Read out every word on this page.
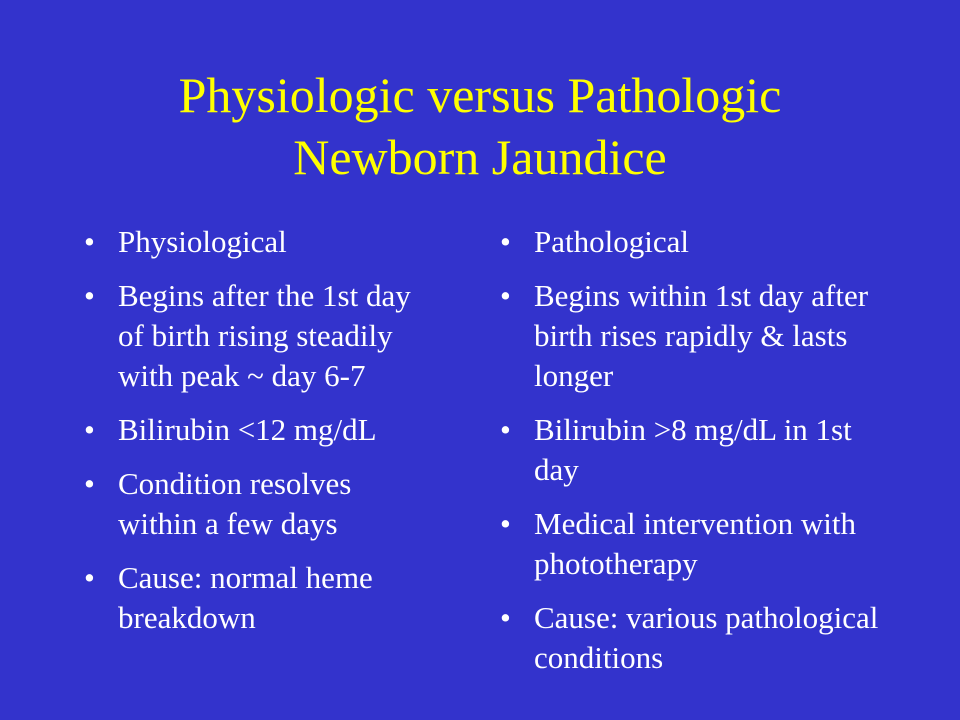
Physiologic versus Pathologic
Newborn Jaundice
• Physiological
• Begins after the 1st day of birth rising steadily with peak ~ day 6-7
• Bilirubin <12 mg/dL
• Condition resolves within a few days
• Cause: normal heme breakdown
• Pathological
• Begins within 1st day after birth rises rapidly & lasts longer
• Bilirubin >8 mg/dL in 1st day
• Medical intervention with phototherapy
• Cause: various pathological conditions
